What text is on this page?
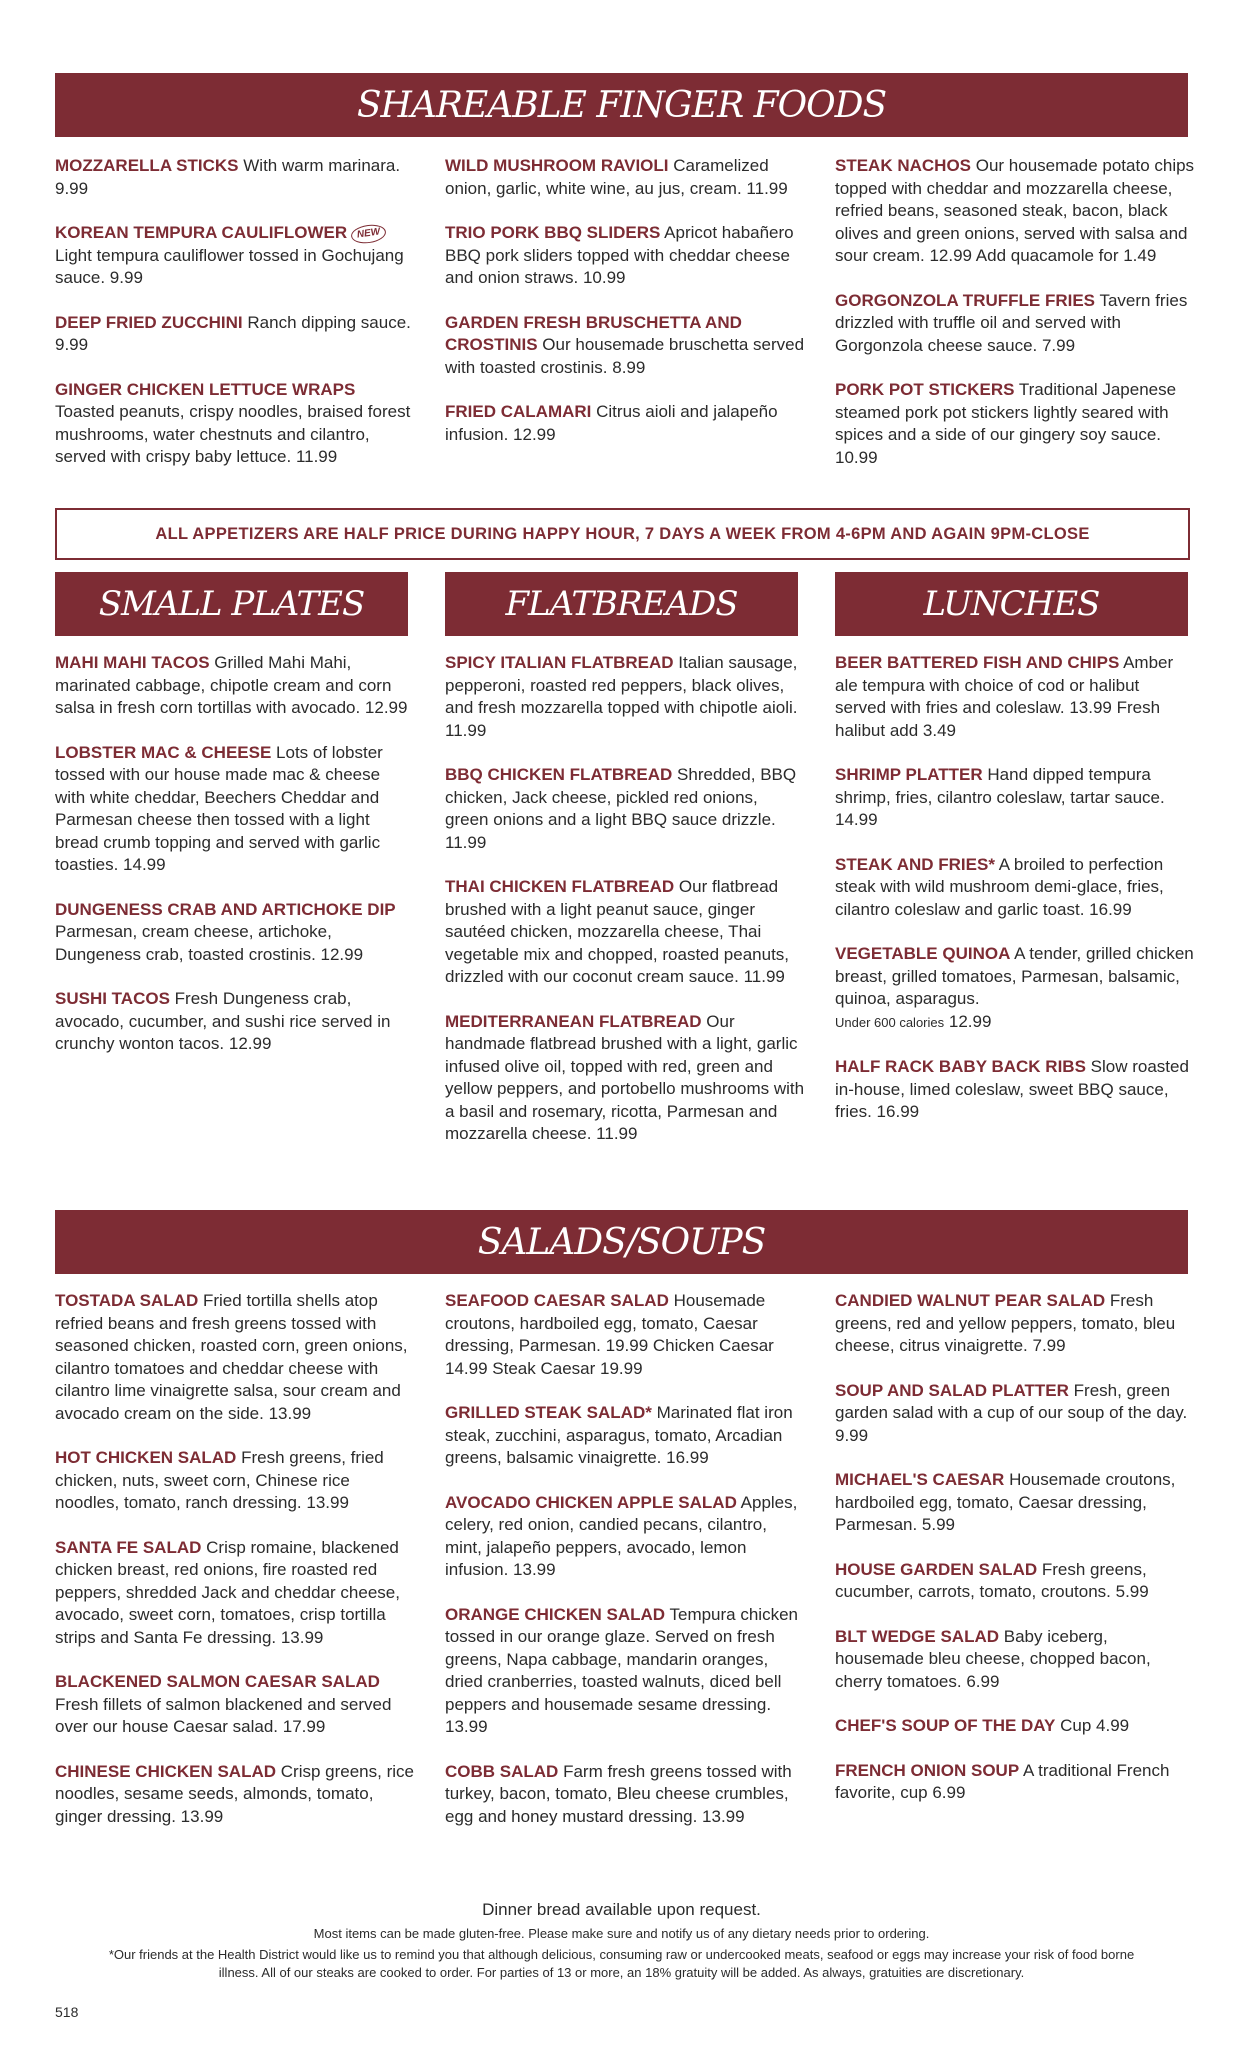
SHAREABLE FINGER FOODS

MOZZARELLA STICKS With warm marinara. 9.99

KOREAN TEMPURA CAULIFLOWER NEW Light tempura cauliflower tossed in Gochujang sauce. 9.99

DEEP FRIED ZUCCHINI Ranch dipping sauce. 9.99

GINGER CHICKEN LETTUCE WRAPS Toasted peanuts, crispy noodles, braised forest mushrooms, water chestnuts and cilantro, served with crispy baby lettuce. 11.99

WILD MUSHROOM RAVIOLI Caramelized onion, garlic, white wine, au jus, cream. 11.99

TRIO PORK BBQ SLIDERS Apricot habañero BBQ pork sliders topped with cheddar cheese and onion straws. 10.99

GARDEN FRESH BRUSCHETTA AND CROSTINIS Our housemade bruschetta served with toasted crostinis. 8.99

FRIED CALAMARI Citrus aioli and jalapeño infusion. 12.99

STEAK NACHOS Our housemade potato chips topped with cheddar and mozzarella cheese, refried beans, seasoned steak, bacon, black olives and green onions, served with salsa and sour cream. 12.99 Add quacamole for 1.49

GORGONZOLA TRUFFLE FRIES Tavern fries drizzled with truffle oil and served with Gorgonzola cheese sauce. 7.99

PORK POT STICKERS Traditional Japenese steamed pork pot stickers lightly seared with spices and a side of our gingery soy sauce. 10.99

ALL APPETIZERS ARE HALF PRICE DURING HAPPY HOUR, 7 DAYS A WEEK FROM 4-6PM AND AGAIN 9PM-CLOSE
SMALL PLATES	FLATBREADS	LUNCHES

MAHI MAHI TACOS Grilled Mahi Mahi, marinated cabbage, chipotle cream and corn salsa in fresh corn tortillas with avocado. 12.99

LOBSTER MAC & CHEESE Lots of lobster tossed with our house made mac & cheese with white cheddar, Beechers Cheddar and Parmesan cheese then tossed with a light bread crumb topping and served with garlic toasties. 14.99

DUNGENESS CRAB AND ARTICHOKE DIP Parmesan, cream cheese, artichoke, Dungeness crab, toasted crostinis. 12.99

SUSHI TACOS Fresh Dungeness crab, avocado, cucumber, and sushi rice served in crunchy wonton tacos. 12.99

SPICY ITALIAN FLATBREAD Italian sausage, pepperoni, roasted red peppers, black olives, and fresh mozzarella topped with chipotle aioli. 11.99

BBQ CHICKEN FLATBREAD Shredded, BBQ chicken, Jack cheese, pickled red onions, green onions and a light BBQ sauce drizzle. 11.99

THAI CHICKEN FLATBREAD Our flatbread brushed with a light peanut sauce, ginger sautéed chicken, mozzarella cheese, Thai vegetable mix and chopped, roasted peanuts, drizzled with our coconut cream sauce. 11.99

MEDITERRANEAN FLATBREAD Our handmade flatbread brushed with a light, garlic infused olive oil, topped with red, green and yellow peppers, and portobello mushrooms with a basil and rosemary, ricotta, Parmesan and mozzarella cheese. 11.99

BEER BATTERED FISH AND CHIPS Amber ale tempura with choice of cod or halibut served with fries and coleslaw. 13.99 Fresh halibut add 3.49

SHRIMP PLATTER Hand dipped tempura shrimp, fries, cilantro coleslaw, tartar sauce. 14.99

STEAK AND FRIES* A broiled to perfection steak with wild mushroom demi-glace, fries, cilantro coleslaw and garlic toast. 16.99

VEGETABLE QUINOA A tender, grilled chicken breast, grilled tomatoes, Parmesan, balsamic, quinoa, asparagus.
Under 600 calories 12.99

HALF RACK BABY BACK RIBS Slow roasted in-house, limed coleslaw, sweet BBQ sauce, fries. 16.99

SALADS/SOUPS

TOSTADA SALAD Fried tortilla shells atop refried beans and fresh greens tossed with seasoned chicken, roasted corn, green onions, cilantro tomatoes and cheddar cheese with cilantro lime vinaigrette salsa, sour cream and avocado cream on the side. 13.99

HOT CHICKEN SALAD Fresh greens, fried chicken, nuts, sweet corn, Chinese rice noodles, tomato, ranch dressing. 13.99

SANTA FE SALAD Crisp romaine, blackened chicken breast, red onions, fire roasted red peppers, shredded Jack and cheddar cheese, avocado, sweet corn, tomatoes, crisp tortilla strips and Santa Fe dressing. 13.99

BLACKENED SALMON CAESAR SALAD Fresh fillets of salmon blackened and served over our house Caesar salad. 17.99

CHINESE CHICKEN SALAD Crisp greens, rice noodles, sesame seeds, almonds, tomato, ginger dressing. 13.99

SEAFOOD CAESAR SALAD Housemade croutons, hardboiled egg, tomato, Caesar dressing, Parmesan. 19.99 Chicken Caesar 14.99 Steak Caesar 19.99

GRILLED STEAK SALAD* Marinated flat iron steak, zucchini, asparagus, tomato, Arcadian greens, balsamic vinaigrette. 16.99

AVOCADO CHICKEN APPLE SALAD Apples, celery, red onion, candied pecans, cilantro, mint, jalapeño peppers, avocado, lemon infusion. 13.99

ORANGE CHICKEN SALAD Tempura chicken tossed in our orange glaze. Served on fresh greens, Napa cabbage, mandarin oranges, dried cranberries, toasted walnuts, diced bell peppers and housemade sesame dressing. 13.99

COBB SALAD Farm fresh greens tossed with turkey, bacon, tomato, Bleu cheese crumbles, egg and honey mustard dressing. 13.99

CANDIED WALNUT PEAR SALAD Fresh greens, red and yellow peppers, tomato, bleu cheese, citrus vinaigrette. 7.99

SOUP AND SALAD PLATTER Fresh, green garden salad with a cup of our soup of the day. 9.99

MICHAEL'S CAESAR Housemade croutons, hardboiled egg, tomato, Caesar dressing, Parmesan. 5.99

HOUSE GARDEN SALAD Fresh greens, cucumber, carrots, tomato, croutons. 5.99

BLT WEDGE SALAD Baby iceberg, housemade bleu cheese, chopped bacon, cherry tomatoes. 6.99

CHEF'S SOUP OF THE DAY Cup 4.99

FRENCH ONION SOUP A traditional French favorite, cup 6.99

Dinner bread available upon request.
Most items can be made gluten-free. Please make sure and notify us of any dietary needs prior to ordering.
*Our friends at the Health District would like us to remind you that although delicious, consuming raw or undercooked meats, seafood or eggs may increase your risk of food borne illness. All of our steaks are cooked to order. For parties of 13 or more, an 18% gratuity will be added. As always, gratuities are discretionary.
518
